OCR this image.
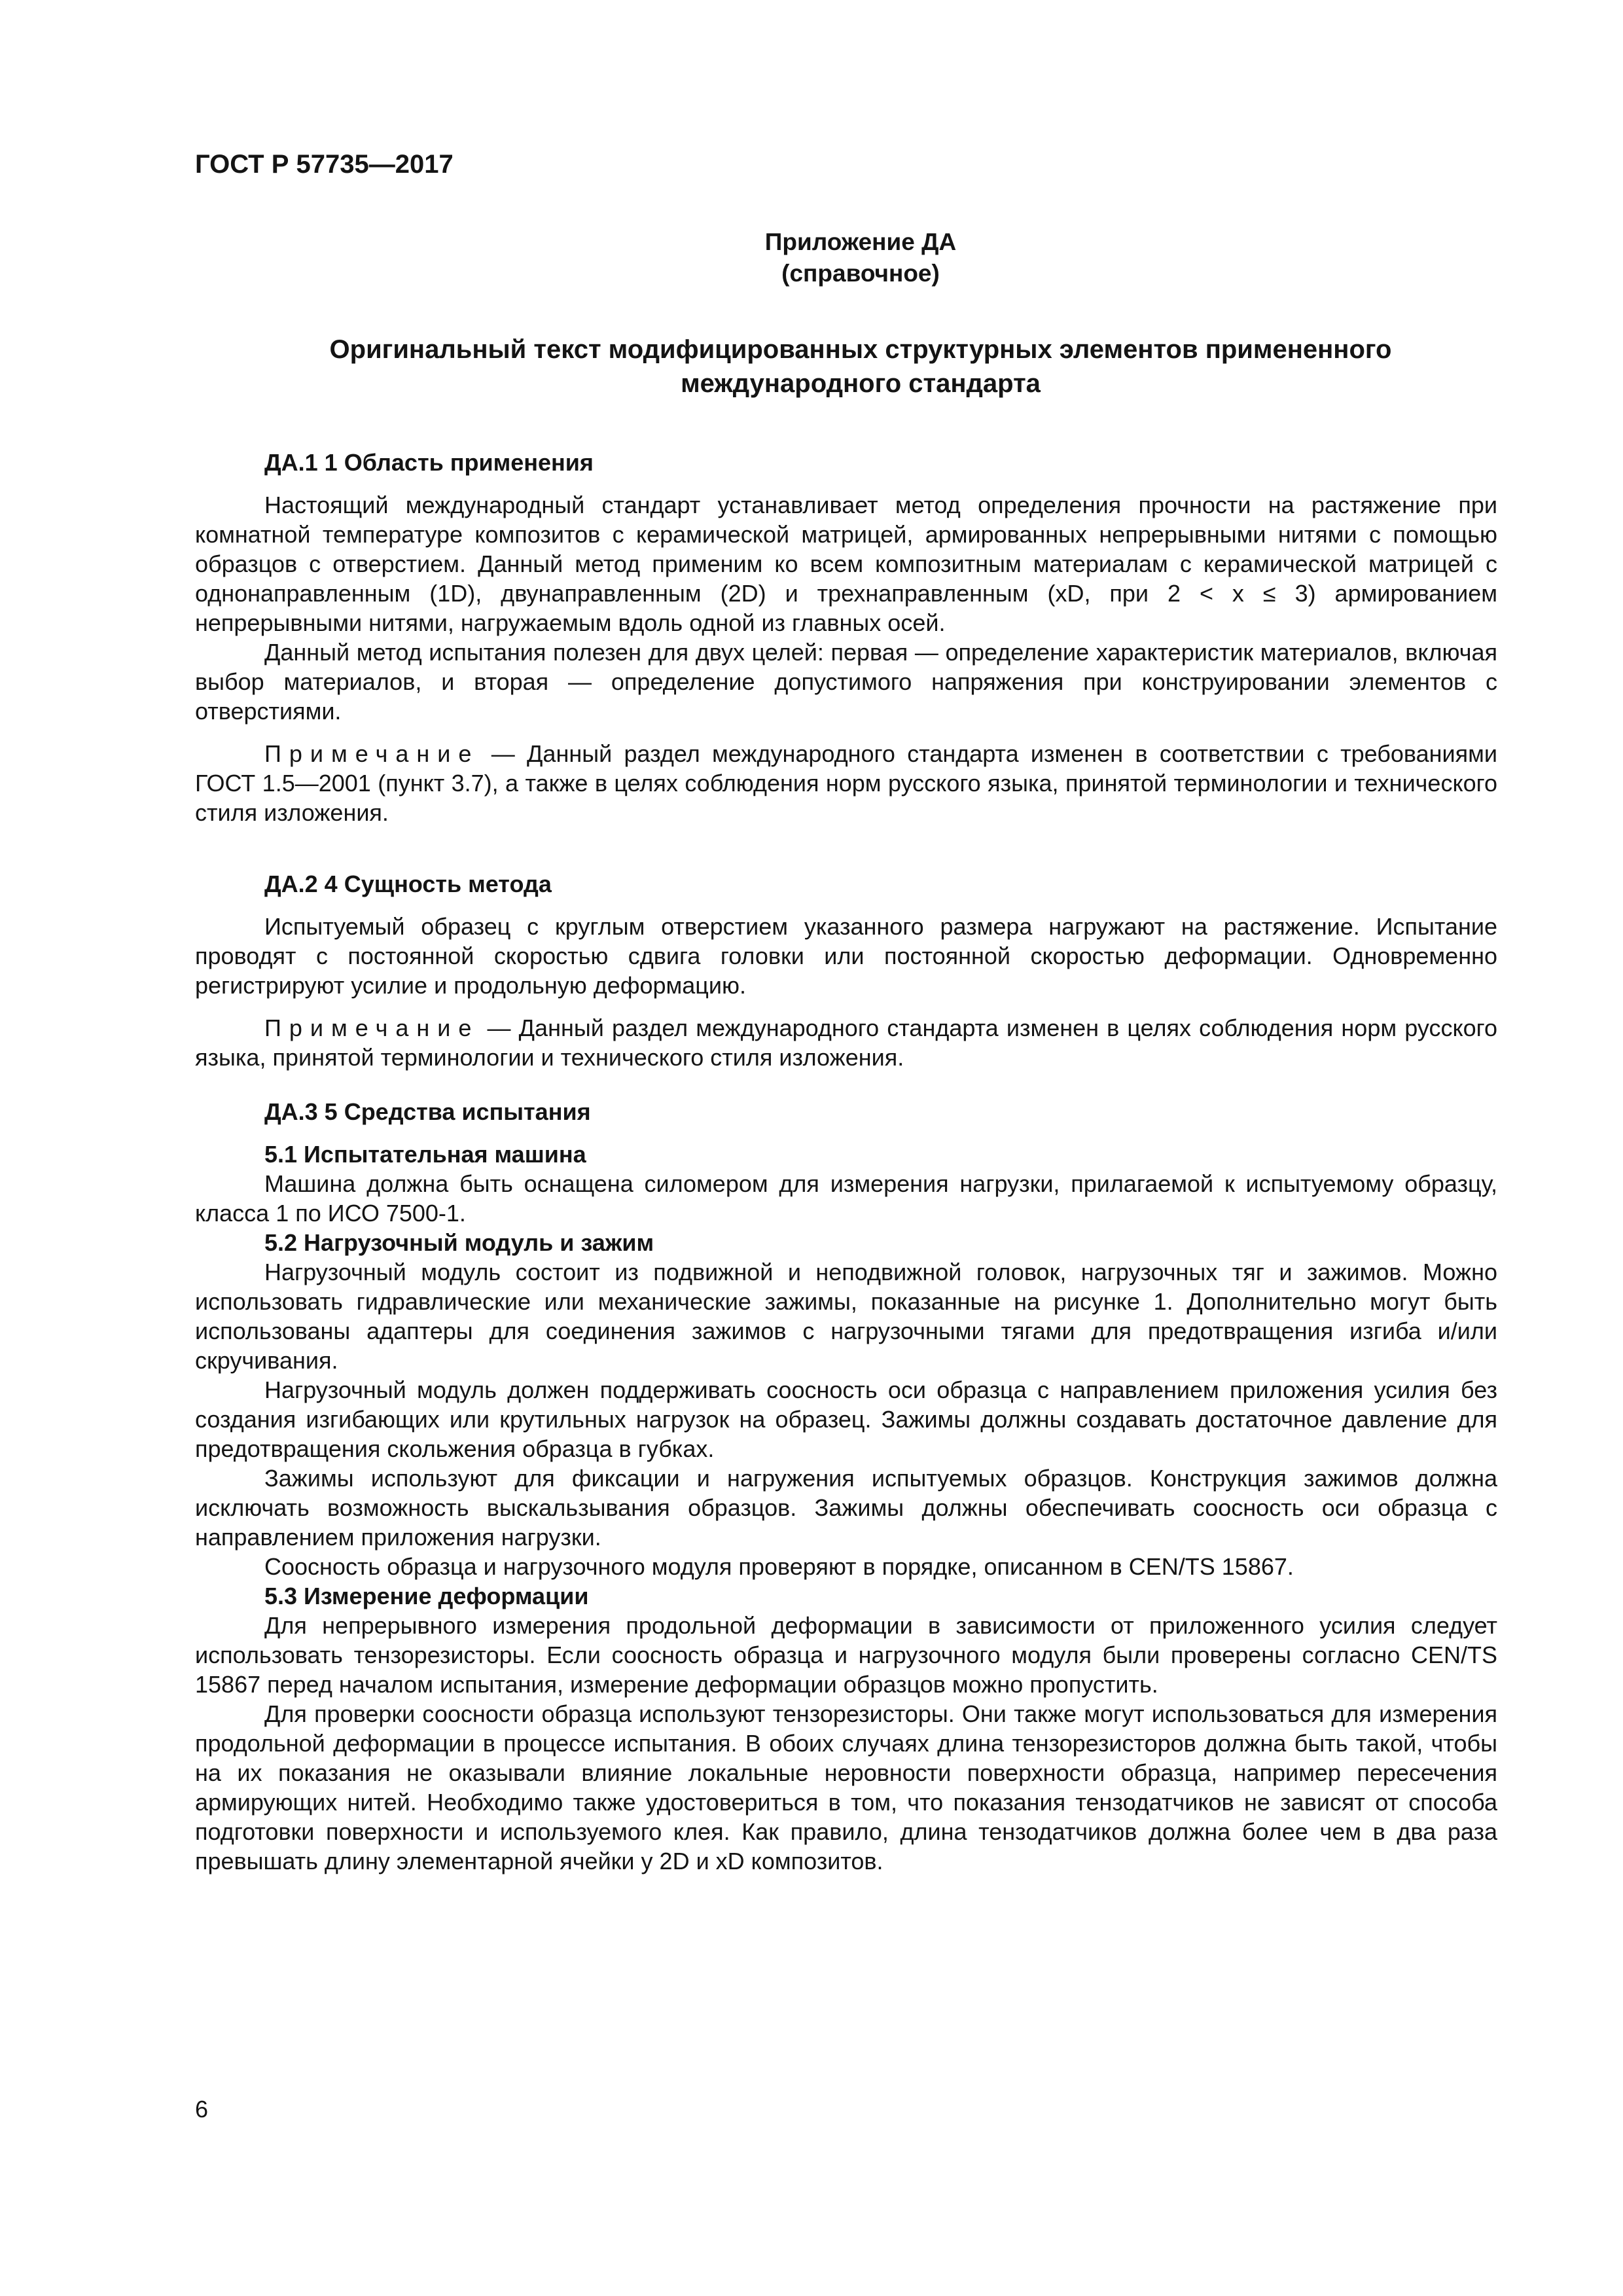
ГОСТ Р 57735—2017
Приложение ДА
(справочное)
Оригинальный текст модифицированных структурных элементов примененного международного стандарта

ДА.1 1 Область применения

Настоящий международный стандарт устанавливает метод определения прочности на растяжение при комнатной температуре композитов с керамической матрицей, армированных непрерывными нитями с помощью образцов с отверстием. Данный метод применим ко всем композитным материалам с керамической матрицей с однонаправленным (1D), двунаправленным (2D) и трехнаправленным (xD, при 2 < x ≤ 3) армированием непрерывными нитями, нагружаемым вдоль одной из главных осей.

Данный метод испытания полезен для двух целей: первая — определение характеристик материалов, включая выбор материалов, и вторая — определение допустимого напряжения при конструировании элементов с отверстиями.

Примечание — Данный раздел международного стандарта изменен в соответствии с требованиями ГОСТ 1.5—2001 (пункт 3.7), а также в целях соблюдения норм русского языка, принятой терминологии и технического стиля изложения.

ДА.2 4 Сущность метода

Испытуемый образец с круглым отверстием указанного размера нагружают на растяжение. Испытание проводят с постоянной скоростью сдвига головки или постоянной скоростью деформации. Одновременно регистрируют усилие и продольную деформацию.

Примечание — Данный раздел международного стандарта изменен в целях соблюдения норм русского языка, принятой терминологии и технического стиля изложения.

ДА.3 5 Средства испытания

5.1 Испытательная машина

Машина должна быть оснащена силомером для измерения нагрузки, прилагаемой к испытуемому образцу, класса 1 по ИСО 7500-1.

5.2 Нагрузочный модуль и зажим

Нагрузочный модуль состоит из подвижной и неподвижной головок, нагрузочных тяг и зажимов. Можно использовать гидравлические или механические зажимы, показанные на рисунке 1. Дополнительно могут быть использованы адаптеры для соединения зажимов с нагрузочными тягами для предотвращения изгиба и/или скручивания.

Нагрузочный модуль должен поддерживать соосность оси образца с направлением приложения усилия без создания изгибающих или крутильных нагрузок на образец. Зажимы должны создавать достаточное давление для предотвращения скольжения образца в губках.

Зажимы используют для фиксации и нагружения испытуемых образцов. Конструкция зажимов должна исключать возможность выскальзывания образцов. Зажимы должны обеспечивать соосность оси образца с направлением приложения нагрузки.

Соосность образца и нагрузочного модуля проверяют в порядке, описанном в CEN/TS 15867.

5.3 Измерение деформации

Для непрерывного измерения продольной деформации в зависимости от приложенного усилия следует использовать тензорезисторы. Если соосность образца и нагрузочного модуля были проверены согласно CEN/TS 15867 перед началом испытания, измерение деформации образцов можно пропустить.

Для проверки соосности образца используют тензорезисторы. Они также могут использоваться для измерения продольной деформации в процессе испытания. В обоих случаях длина тензорезисторов должна быть такой, чтобы на их показания не оказывали влияние локальные неровности поверхности образца, например пересечения армирующих нитей. Необходимо также удостовериться в том, что показания тензодатчиков не зависят от способа подготовки поверхности и используемого клея. Как правило, длина тензодатчиков должна более чем в два раза превышать длину элементарной ячейки у 2D и xD композитов.

6
